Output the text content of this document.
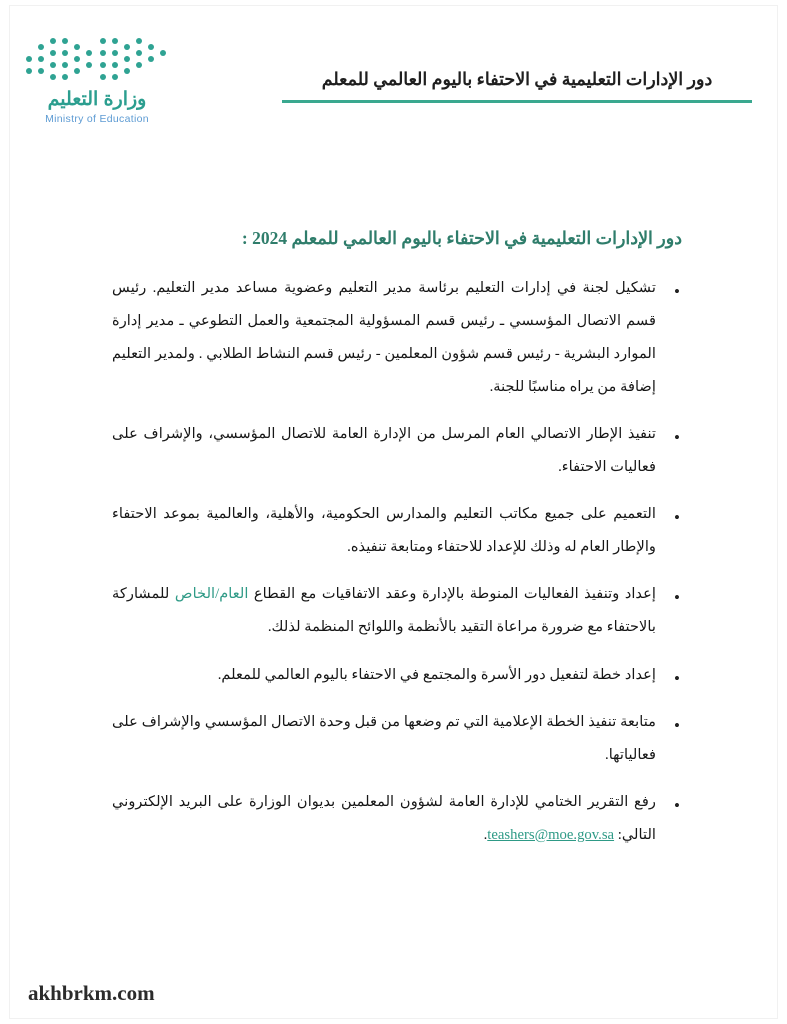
وزارة التعليم
Ministry of Education
دور الإدارات التعليمية في الاحتفاء باليوم العالمي للمعلم
دور الإدارات التعليمية في الاحتفاء باليوم العالمي للمعلم 2024 :
• تشكيل لجنة في إدارات التعليم برئاسة مدير التعليم وعضوية مساعد مدير التعليم. رئيس قسم الاتصال المؤسسي ـ رئيس قسم المسؤولية المجتمعية والعمل التطوعي ـ مدير إدارة الموارد البشرية - رئيس قسم شؤون المعلمين - رئيس قسم النشاط الطلابي . ولمدير التعليم إضافة من يراه مناسبًا للجنة.
• تنفيذ الإطار الاتصالي العام المرسل من الإدارة العامة للاتصال المؤسسي، والإشراف على فعاليات الاحتفاء.
• التعميم على جميع مكاتب التعليم والمدارس الحكومية، والأهلية، والعالمية بموعد الاحتفاء والإطار العام له وذلك للإعداد للاحتفاء ومتابعة تنفيذه.
• إعداد وتنفيذ الفعاليات المنوطة بالإدارة وعقد الاتفاقيات مع القطاع العام/الخاص للمشاركة بالاحتفاء مع ضرورة مراعاة التقيد بالأنظمة واللوائح المنظمة لذلك.
• إعداد خطة لتفعيل دور الأسرة والمجتمع في الاحتفاء باليوم العالمي للمعلم.
• متابعة تنفيذ الخطة الإعلامية التي تم وضعها من قبل وحدة الاتصال المؤسسي والإشراف على فعالياتها.
• رفع التقرير الختامي للإدارة العامة لشؤون المعلمين بديوان الوزارة على البريد الإلكتروني التالي: teashers@moe.gov.sa.
akhbrkm.com
